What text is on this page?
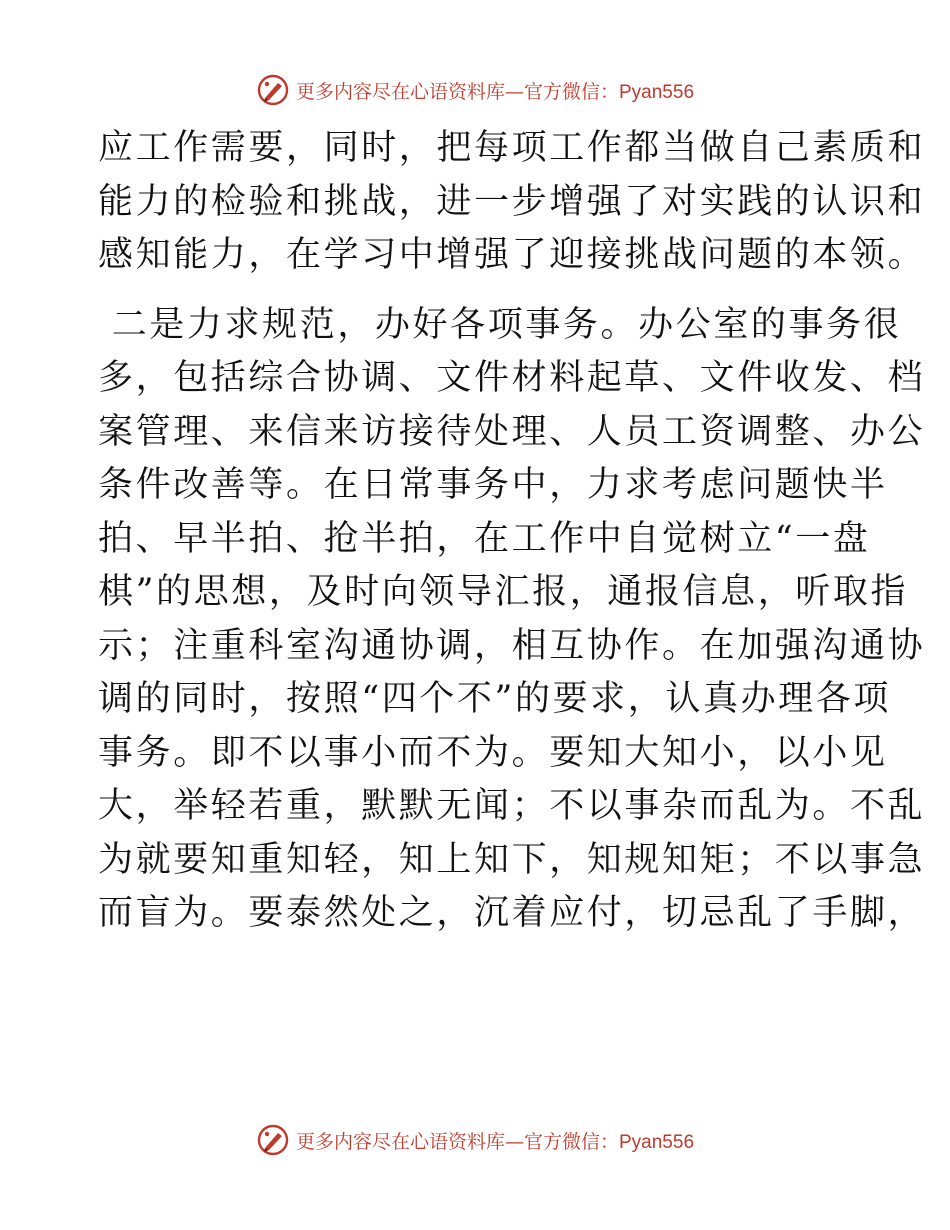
更多内容尽在心语资料库—官方微信：Pyan556
应工作需要，同时，把每项工作都当做自己素质和
能力的检验和挑战，进一步增强了对实践的认识和
感知能力，在学习中增强了迎接挑战问题的本领。
二是力求规范，办好各项事务。办公室的事务很
多，包括综合协调、文件材料起草、文件收发、档
案管理、来信来访接待处理、人员工资调整、办公
条件改善等。在日常事务中，力求考虑问题快半
拍、早半拍、抢半拍，在工作中自觉树立“一盘
棋”的思想，及时向领导汇报，通报信息，听取指
示；注重科室沟通协调，相互协作。在加强沟通协
调的同时，按照“四个不”的要求，认真办理各项
事务。即不以事小而不为。要知大知小，以小见
大，举轻若重，默默无闻；不以事杂而乱为。不乱
为就要知重知轻，知上知下，知规知矩；不以事急
而盲为。要泰然处之，沉着应付，切忌乱了手脚，
更多内容尽在心语资料库—官方微信：Pyan556
